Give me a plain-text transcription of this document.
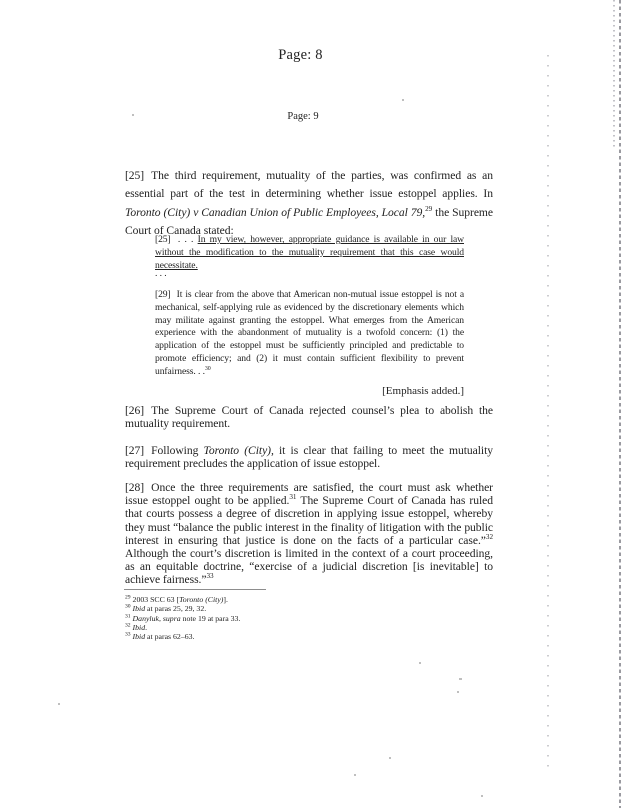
Page: 8
Page: 9

[25] The third requirement, mutuality of the parties, was confirmed as an essential part of the test in determining whether issue estoppel applies. In Toronto (City) v Canadian Union of Public Employees, Local 79,29 the Supreme Court of Canada stated:

[25] . . . In my view, however, appropriate guidance is available in our law without the modification to the mutuality requirement that this case would necessitate.

. . .

[29] It is clear from the above that American non-mutual issue estoppel is not a mechanical, self-applying rule as evidenced by the discretionary elements which may militate against granting the estoppel. What emerges from the American experience with the abandonment of mutuality is a twofold concern: (1) the application of the estoppel must be sufficiently principled and predictable to promote efficiency; and (2) it must contain sufficient flexibility to prevent unfairness. . .$^{30}$

[Emphasis added.]

[26] The Supreme Court of Canada rejected counsel’s plea to abolish the mutuality requirement.

[27] Following Toronto (City), it is clear that failing to meet the mutuality requirement precludes the application of issue estoppel.

[28] Once the three requirements are satisfied, the court must ask whether issue estoppel ought to be applied.$^{31}$ The Supreme Court of Canada has ruled that courts possess a degree of discretion in applying issue estoppel, whereby they must “balance the public interest in the finality of litigation with the public interest in ensuring that justice is done on the facts of a particular case.”$^{32}$ Although the court’s discretion is limited in the context of a court proceeding, as an equitable doctrine, “exercise of a judicial discretion [is inevitable] to achieve fairness.”$^{33}$

$^{29}$ 2003 SCC 63 [Toronto (City)].
$^{30}$ Ibid at paras 25, 29, 32.
$^{31}$ Danyluk, supra note 19 at para 33.
$^{32}$ Ibid.
$^{33}$ Ibid at paras 62–63.
